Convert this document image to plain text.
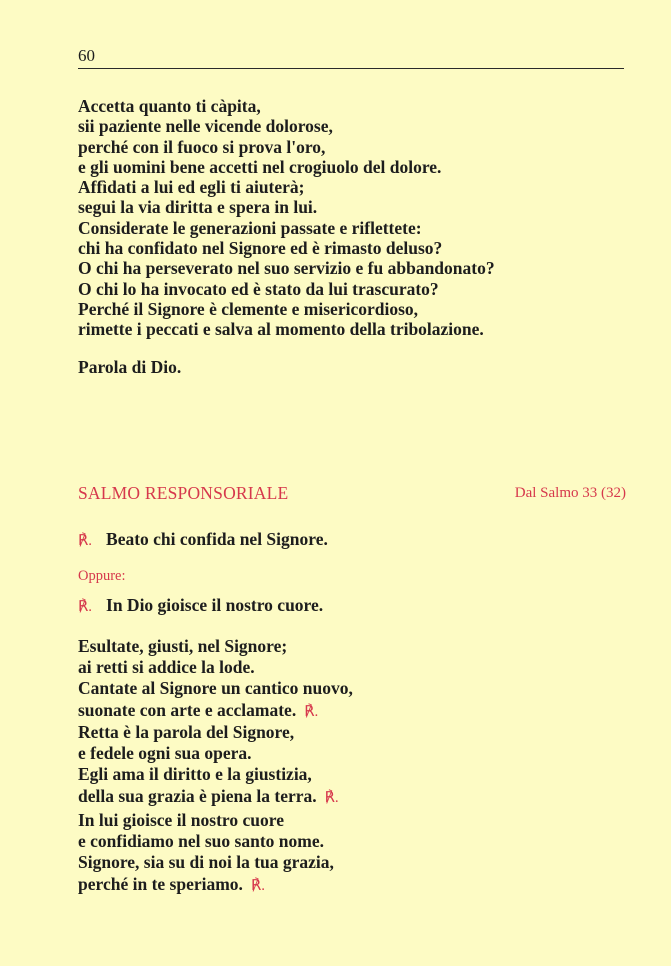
60
Accetta quanto ti càpita,
sii paziente nelle vicende dolorose,
perché con il fuoco si prova l'oro,
e gli uomini bene accetti nel crogiuolo del dolore.
Affìdati a lui ed egli ti aiuterà;
segui la via diritta e spera in lui.
Considerate le generazioni passate e riflettete:
chi ha confidato nel Signore ed è rimasto deluso?
O chi ha perseverato nel suo servizio e fu abbandonato?
O chi lo ha invocato ed è stato da lui trascurato?
Perché il Signore è clemente e misericordioso,
rimette i peccati e salva al momento della tribolazione.
Parola di Dio.
SALMO RESPONSORIALE	Dal Salmo 33 (32)
℟. Beato chi confida nel Signore.
Oppure:
℟. In Dio gioisce il nostro cuore.
Esultate, giusti, nel Signore;
ai retti si addice la lode.
Cantate al Signore un cantico nuovo,
suonate con arte e acclamate. ℟.
Retta è la parola del Signore,
e fedele ogni sua opera.
Egli ama il diritto e la giustizia,
della sua grazia è piena la terra. ℟.
In lui gioisce il nostro cuore
e confidiamo nel suo santo nome.
Signore, sia su di noi la tua grazia,
perché in te speriamo. ℟.
